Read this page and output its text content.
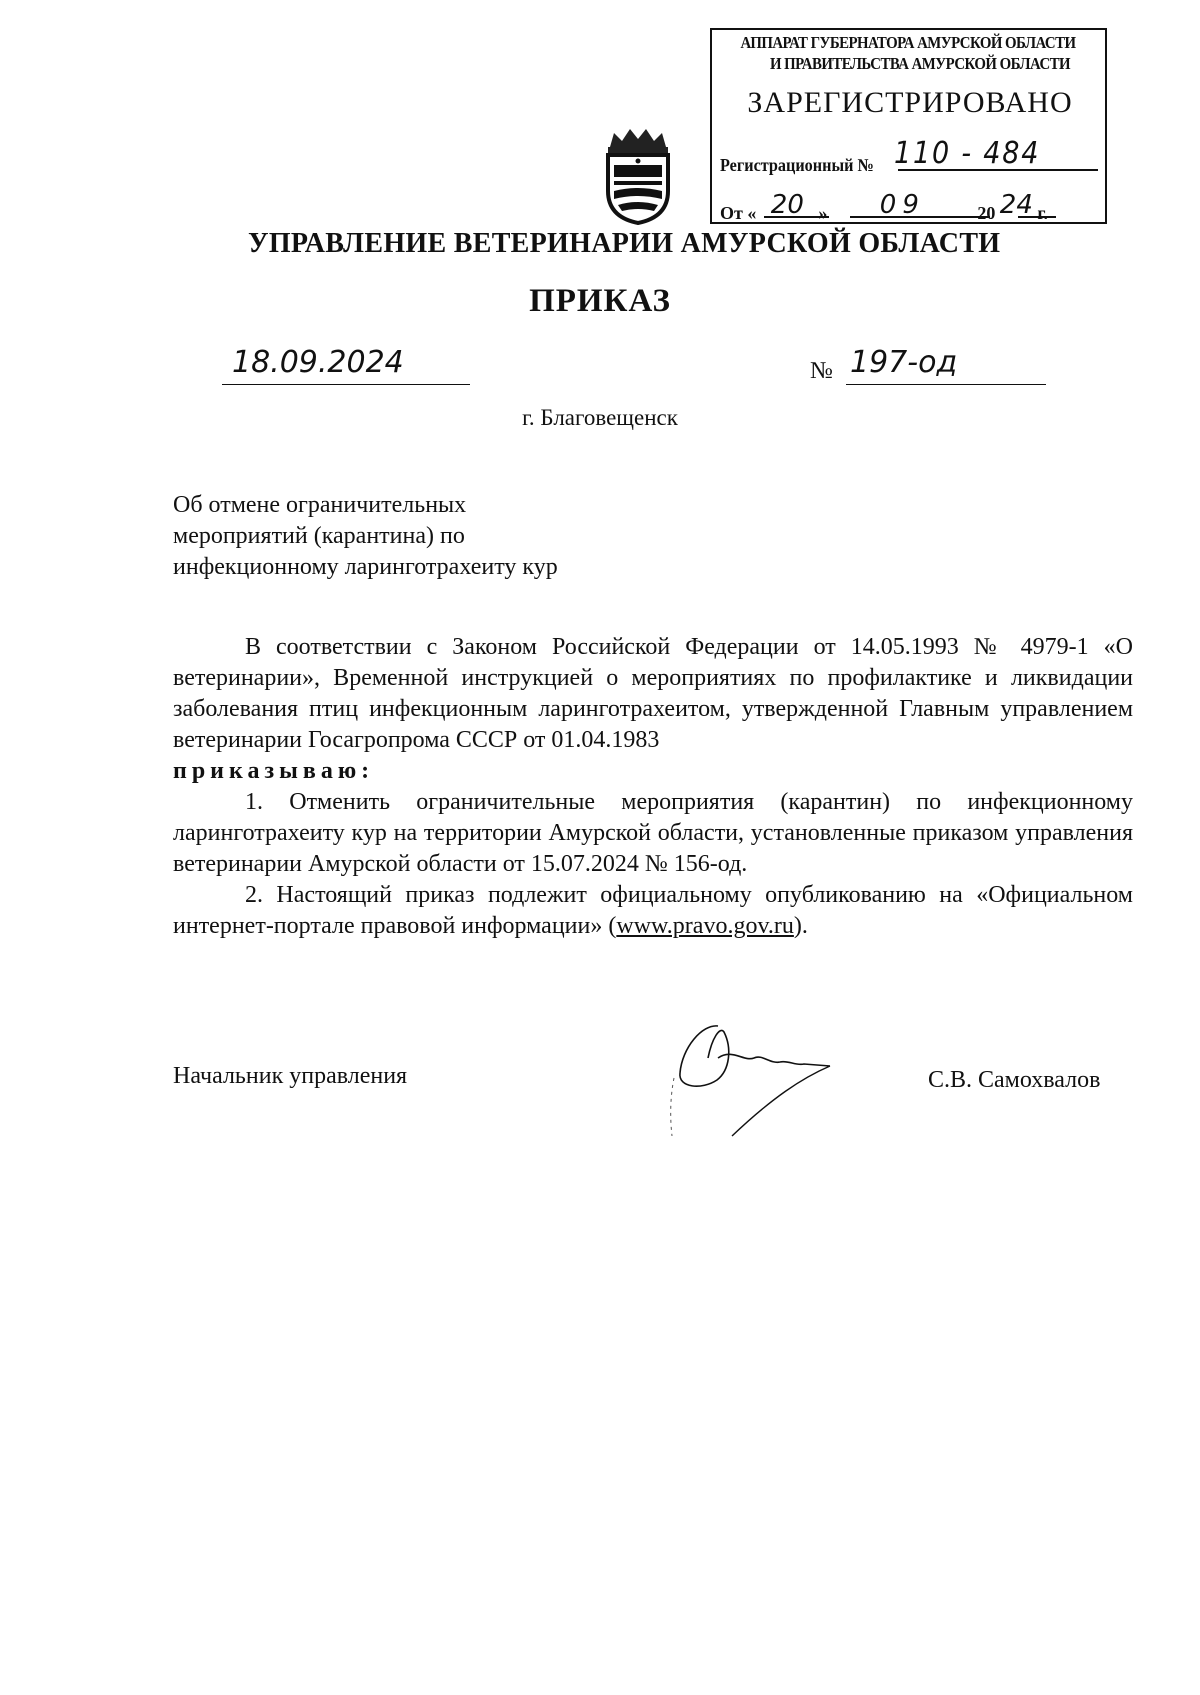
АППАРАТ ГУБЕРНАТОРА АМУРСКОЙ ОБЛАСТИ
И ПРАВИТЕЛЬСТВА АМУРСКОЙ ОБЛАСТИ
ЗАРЕГИСТРИРОВАНО
Регистрационный № 110 - 484
От « 20 » 09	20 24 г.
УПРАВЛЕНИЕ ВЕТЕРИНАРИИ АМУРСКОЙ ОБЛАСТИ
ПРИКАЗ
18.09.2024	№ 197-од
г. Благовещенск
Об отмене ограничительных
мероприятий (карантина) по
инфекционному ларинготрахеиту кур

В соответствии с Законом Российской Федерации от 14.05.1993 № 4979-1 «О ветеринарии», Временной инструкцией о мероприятиях по профилактике и ликвидации заболевания птиц инфекционным ларинготрахеитом, утвержденной Главным управлением ветеринарии Госагропрома СССР от 01.04.1983

приказываю:

1. Отменить ограничительные мероприятия (карантин) по инфекционному ларинготрахеиту кур на территории Амурской области, установленные приказом управления ветеринарии Амурской области от 15.07.2024 № 156-од.

2. Настоящий приказ подлежит официальному опубликованию на «Официальном интернет-портале правовой информации» (www.pravo.gov.ru).

Начальник управления	С.В. Самохвалов
